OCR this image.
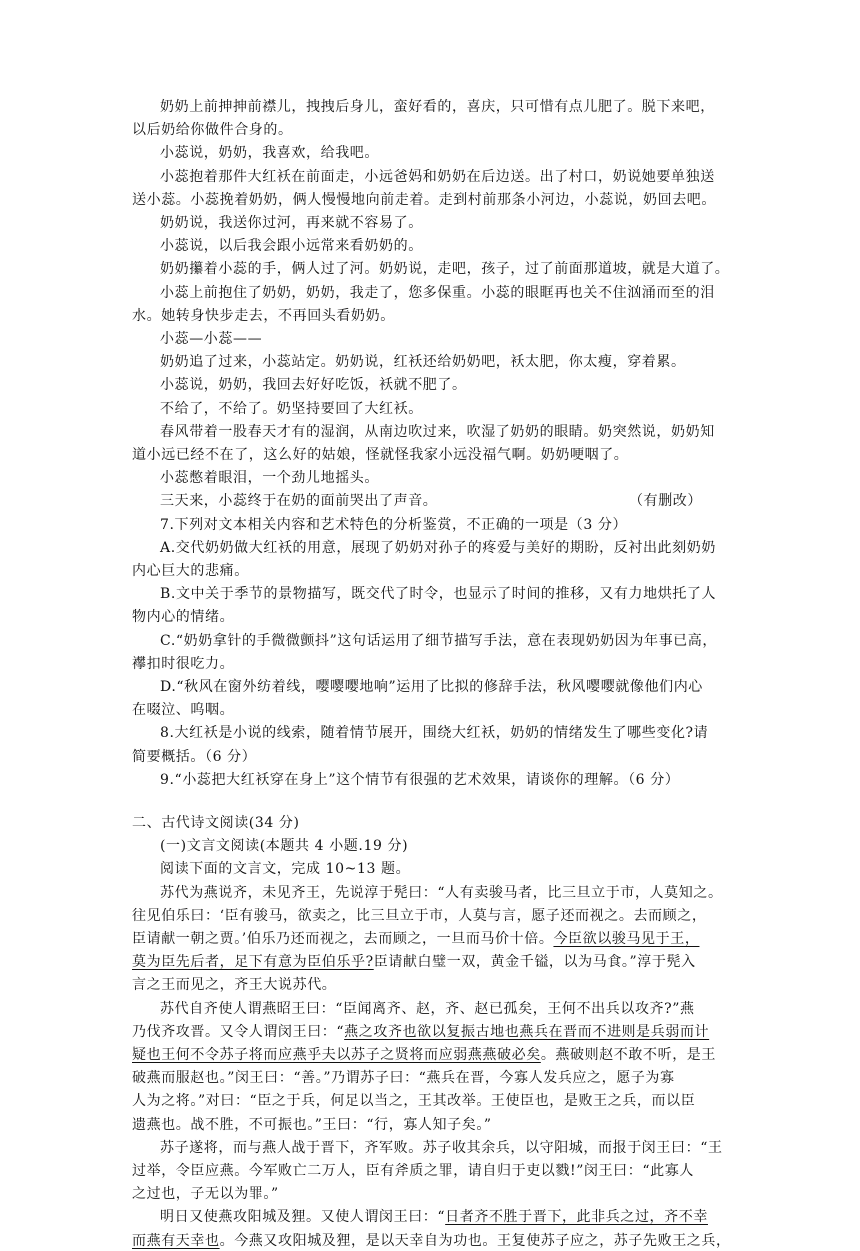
奶奶上前抻抻前襟儿，拽拽后身儿，蛮好看的，喜庆，只可惜有点儿肥了。脱下来吧，
以后奶给你做件合身的。
小蕊说，奶奶，我喜欢，给我吧。
小蕊抱着那件大红袄在前面走，小远爸妈和奶奶在后边送。出了村口，奶说她要单独送
送小蕊。小蕊挽着奶奶，俩人慢慢地向前走着。走到村前那条小河边，小蕊说，奶回去吧。
奶奶说，我送你过河，再来就不容易了。
小蕊说，以后我会跟小远常来看奶奶的。
奶奶攥着小蕊的手，俩人过了河。奶奶说，走吧，孩子，过了前面那道坡，就是大道了。
小蕊上前抱住了奶奶，奶奶，我走了，您多保重。小蕊的眼眶再也关不住汹涌而至的泪
水。她转身快步走去，不再回头看奶奶。
小蕊—小蕊——
奶奶追了过来，小蕊站定。奶奶说，红袄还给奶奶吧，袄太肥，你太瘦，穿着累。
小蕊说，奶奶，我回去好好吃饭，袄就不肥了。
不给了，不给了。奶坚持要回了大红袄。
春风带着一股春天才有的湿润，从南边吹过来，吹湿了奶奶的眼睛。奶突然说，奶奶知
道小远已经不在了，这么好的姑娘，怪就怪我家小远没福气啊。奶奶哽咽了。
小蕊憋着眼泪，一个劲儿地摇头。
三天来，小蕊终于在奶的面前哭出了声音。	（有删改）
7.下列对文本相关内容和艺术特色的分析鉴赏，不正确的一项是（3 分）
A.交代奶奶做大红袄的用意，展现了奶奶对孙子的疼爱与美好的期盼，反衬出此刻奶奶
内心巨大的悲痛。
B.文中关于季节的景物描写，既交代了时令，也显示了时间的推移，又有力地烘托了人
物内心的情绪。
C.“奶奶拿针的手微微颤抖”这句话运用了细节描写手法，意在表现奶奶因为年事已高，
襻扣时很吃力。
D.“秋风在窗外纺着线，嘤嘤嘤地响”运用了比拟的修辞手法，秋风嘤嘤就像他们内心
在啜泣、呜咽。
8.大红袄是小说的线索，随着情节展开，围绕大红袄，奶奶的情绪发生了哪些变化?请
简要概括。（6 分）
9.“小蕊把大红袄穿在身上”这个情节有很强的艺术效果，请谈你的理解。（6 分）
二、古代诗文阅读(34 分)
(一)文言文阅读(本题共 4 小题.19 分)
阅读下面的文言文，完成 10~13 题。
苏代为燕说齐，未见齐王，先说淳于髡曰：“人有卖骏马者，比三旦立于市，人莫知之。
往见伯乐曰：‘臣有骏马，欲卖之，比三旦立于市，人莫与言，愿子还而视之。去而顾之，
臣请献一朝之贾。’伯乐乃还而视之，去而顾之，一旦而马价十倍。今臣欲以骏马见于王，
莫为臣先后者，足下有意为臣伯乐乎?臣请献白璧一双，黄金千镒，以为马食。”淳于髡入
言之王而见之，齐王大说苏代。
苏代自齐使人谓燕昭王曰：“臣闻离齐、赵，齐、赵已孤矣，王何不出兵以攻齐?”燕
乃伐齐攻晋。又令人谓闵王曰：“燕之攻齐也欲以复振古地也燕兵在晋而不进则是兵弱而计
疑也王何不令苏子将而应燕乎夫以苏子之贤将而应弱燕燕破必矣。燕破则赵不敢不听，是王
破燕而服赵也。”闵王曰：“善。”乃谓苏子曰：“燕兵在晋，今寡人发兵应之，愿子为寡
人为之将。”对曰：“臣之于兵，何足以当之，王其改举。王使臣也，是败王之兵，而以臣
遗燕也。战不胜，不可振也。”王曰：“行，寡人知子矣。”
苏子遂将，而与燕人战于晋下，齐军败。苏子收其余兵，以守阳城，而报于闵王曰：“王
过举，令臣应燕。今军败亡二万人，臣有斧质之罪，请自归于吏以戮!”闵王曰：“此寡人
之过也，子无以为罪。”
明日又使燕攻阳城及狸。又使人谓闵王曰：“日者齐不胜于晋下，此非兵之过，齐不幸
而燕有天幸也。今燕又攻阳城及狸，是以天幸自为功也。王复使苏子应之，苏子先败王之兵，
